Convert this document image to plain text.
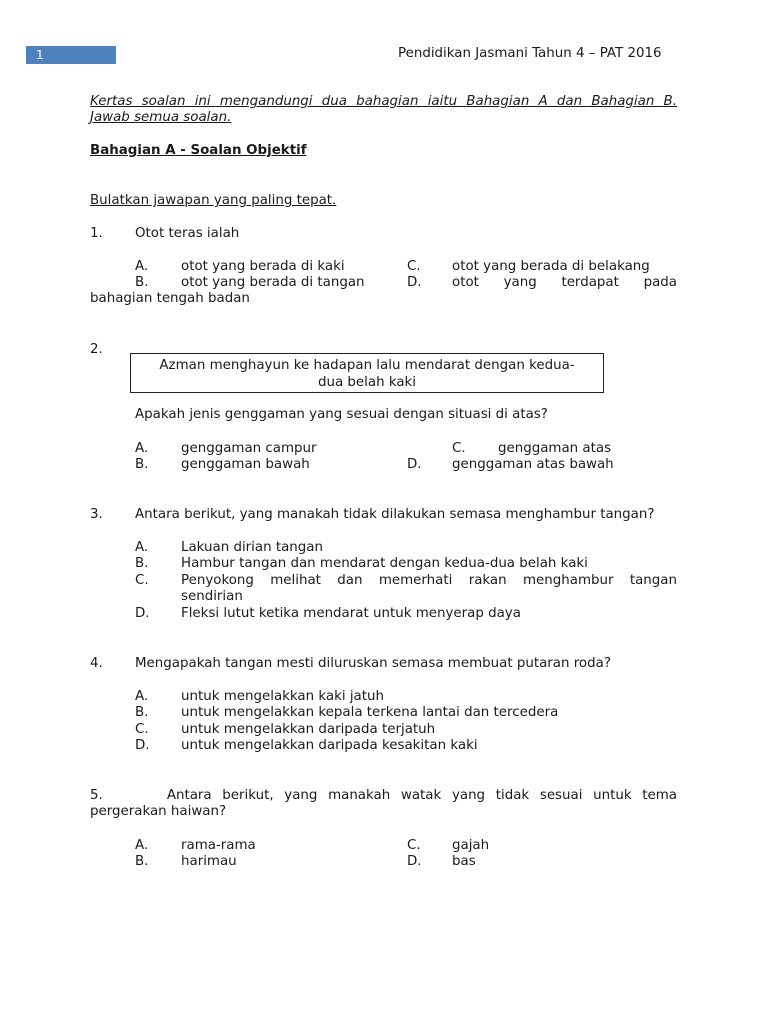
1	Pendidikan Jasmani Tahun 4 – PAT 2016
Kertas soalan ini mengandungi dua bahagian iaitu Bahagian A dan Bahagian B.
Jawab semua soalan.
Bahagian A - Soalan Objektif
Bulatkan jawapan yang paling tepat.
1. Otot teras ialah
A. otot yang berada di kaki	C. otot yang berada di belakang
B. otot yang berada di tangan	D. otot yang terdapat pada
bahagian tengah badan
2.
Azman menghayun ke hadapan lalu mendarat dengan kedua-
dua belah kaki
Apakah jenis genggaman yang sesuai dengan situasi di atas?
A. genggaman campur	C. genggaman atas
B. genggaman bawah	D. genggaman atas bawah
3. Antara berikut, yang manakah tidak dilakukan semasa menghambur tangan?
A. Lakuan dirian tangan
B. Hambur tangan dan mendarat dengan kedua-dua belah kaki
C. Penyokong melihat dan memerhati rakan menghambur tangan
sendirian
D. Fleksi lutut ketika mendarat untuk menyerap daya
4. Mengapakah tangan mesti diluruskan semasa membuat putaran roda?
A. untuk mengelakkan kaki jatuh
B. untuk mengelakkan kepala terkena lantai dan tercedera
C. untuk mengelakkan daripada terjatuh
D. untuk mengelakkan daripada kesakitan kaki
5.      Antara berikut, yang manakah watak yang tidak sesuai untuk tema
pergerakan haiwan?
A. rama-rama	C. gajah
B. harimau	D. bas
